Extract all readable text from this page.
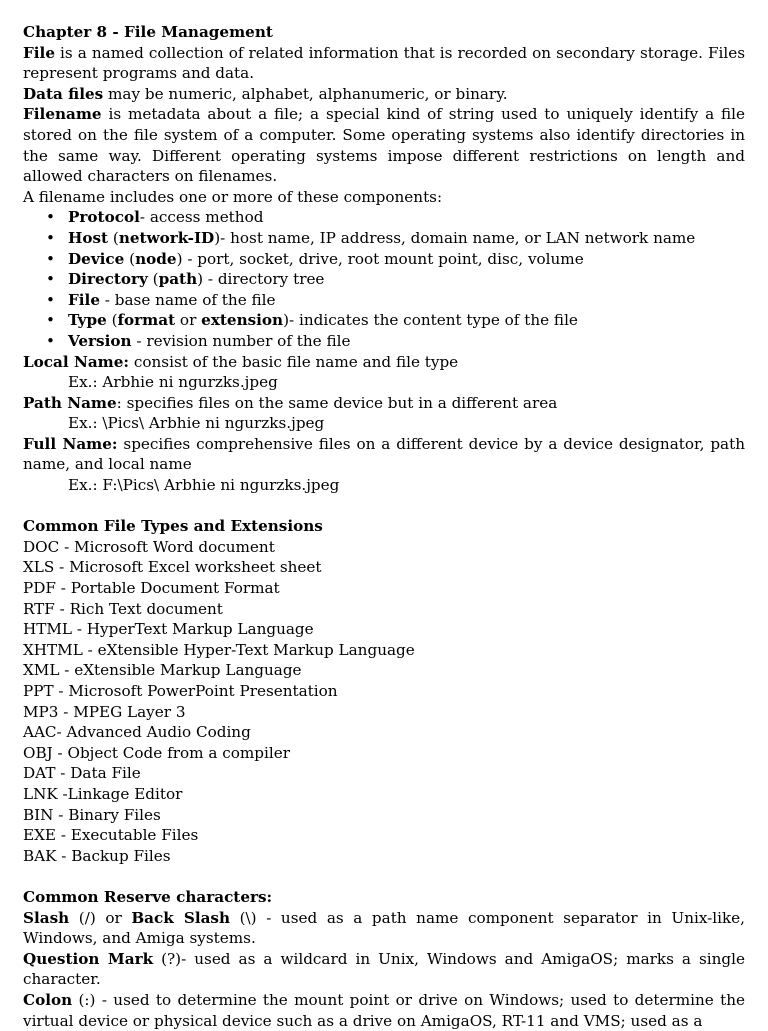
Chapter 8 - File Management

File is a named collection of related information that is recorded on secondary storage. Files represent programs and data.

Data files may be numeric, alphabet, alphanumeric, or binary.

Filename is metadata about a file; a special kind of string used to uniquely identify a file stored on the file system of a computer. Some operating systems also identify directories in the same way. Different operating systems impose different restrictions on length and allowed characters on filenames.

A filename includes one or more of these components:

• Protocol- access method
• Host (network-ID)- host name, IP address, domain name, or LAN network name
• Device (node) - port, socket, drive, root mount point, disc, volume
• Directory (path) - directory tree
• File - base name of the file
• Type (format or extension)- indicates the content type of the file
• Version - revision number of the file

Local Name: consist of the basic file name and file type

Ex.: Arbhie ni ngurzks.jpeg

Path Name: specifies files on the same device but in a different area

Ex.: \Pics\ Arbhie ni ngurzks.jpeg

Full Name: specifies comprehensive files on a different device by a device designator, path name, and local name

Ex.: F:\Pics\ Arbhie ni ngurzks.jpeg

Common File Types and Extensions

DOC - Microsoft Word document

XLS - Microsoft Excel worksheet sheet

PDF - Portable Document Format

RTF - Rich Text document

HTML - HyperText Markup Language

XHTML - eXtensible Hyper-Text Markup Language

XML - eXtensible Markup Language

PPT - Microsoft PowerPoint Presentation

MP3 - MPEG Layer 3

AAC- Advanced Audio Coding

OBJ - Object Code from a compiler

DAT - Data File

LNK -Linkage Editor

BIN - Binary Files

EXE - Executable Files

BAK - Backup Files

Common Reserve characters:

Slash (/) or Back Slash (\) - used as a path name component separator in Unix-like, Windows, and Amiga systems.

Question Mark (?)- used as a wildcard in Unix, Windows and AmigaOS; marks a single character.

Colon (:) - used to determine the mount point or drive on Windows; used to determine the virtual device or physical device such as a drive on AmigaOS, RT-11 and VMS; used as a
